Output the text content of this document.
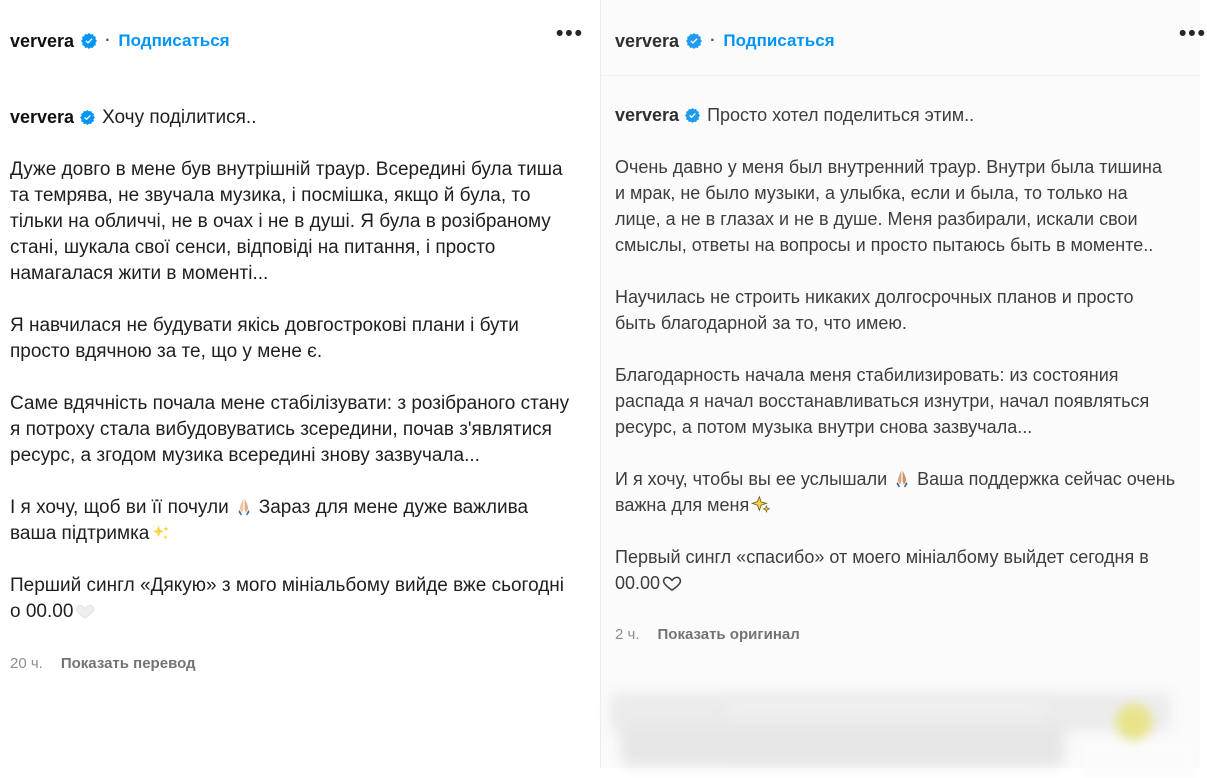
ververa · Подписаться	•••

ververa Хочу поділитися..

Дуже довго в мене був внутрішній траур. Всередині була тиша та темрява, не звучала музика, і посмішка, якщо й була, то тільки на обличчі, не в очах і не в душі. Я була в розібраному стані, шукала свої сенси, відповіді на питання, і просто намагалася жити в моменті...

Я навчилася не будувати якісь довгострокові плани і бути просто вдячною за те, що у мене є.

Саме вдячність почала мене стабілізувати: з розібраного стану я потроху стала вибудовуватись зсередини, почав з'являтися ресурс, а згодом музика всередині знову зазвучала...

І я хочу, щоб ви її почули Зараз для мене дуже важлива ваша підтримка

Перший сингл «Дякую» з мого мініальбому вийде вже сьогодні о 00.00

20 ч. Показать перевод
ververa · Подписаться	•••

ververa Просто хотел поделиться этим..

Очень давно у меня был внутренний траур. Внутри была тишина и мрак, не было музыки, а улыбка, если и была, то только на лице, а не в глазах и не в душе. Меня разбирали, искали свои смыслы, ответы на вопросы и просто пытаюсь быть в моменте..

Научилась не строить никаких долгосрочных планов и просто быть благодарной за то, что имею.

Благодарность начала меня стабилизировать: из состояния распада я начал восстанавливаться изнутри, начал появляться ресурс, а потом музыка внутри снова зазвучала...

И я хочу, чтобы вы ее услышали Ваша поддержка сейчас очень важна для меня

Первый сингл «спасибо» от моего мініалбому выйдет сегодня в 00.00

2 ч. Показать оригинал
